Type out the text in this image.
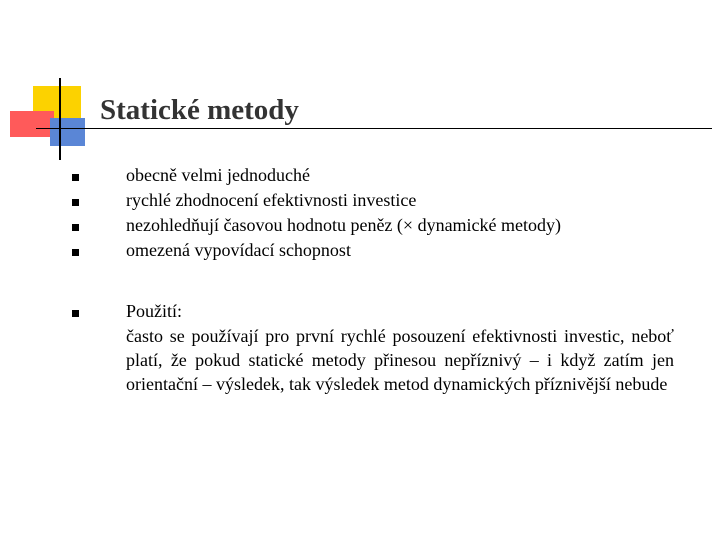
Statické metody
obecně velmi jednoduché
rychlé zhodnocení efektivnosti investice
nezohledňují časovou hodnotu peněz (× dynamické metody)
omezená vypovídací schopnost
Použití:
často se používají pro první rychlé posouzení efektivnosti investic, neboť platí, že pokud statické metody přinesou nepříznivý – i když zatím jen orientační – výsledek, tak výsledek metod dynamických příznivější nebude
